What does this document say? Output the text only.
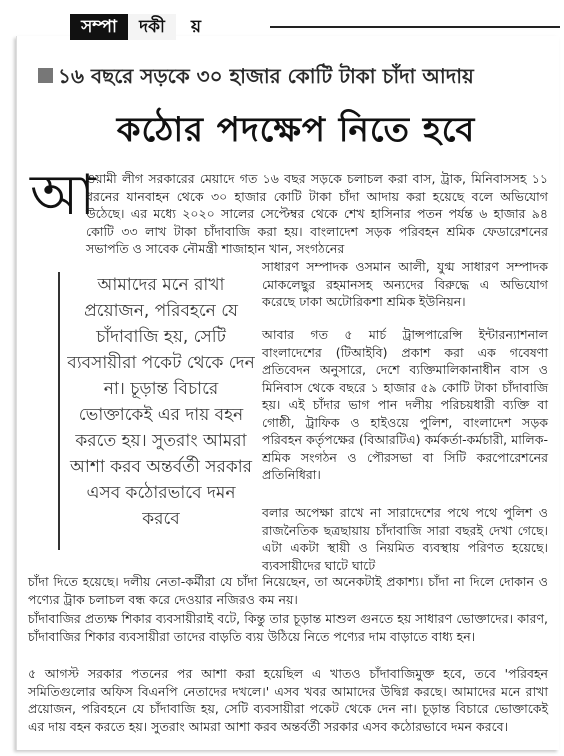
সম্পা	দকী	য়
১৬ বছরে সড়কে ৩০ হাজার কোটি টাকা চাঁদা আদায়
কঠোর পদক্ষেপ নিতে হবে
আ
ওয়ামী লীগ সরকারের মেয়াদে গত ১৬ বছর সড়কে চলাচল করা বাস, ট্রাক, মিনিবাসসহ ১১ ধরনের যানবাহন থেকে ৩০ হাজার কোটি টাকা চাঁদা আদায় করা হয়েছে বলে অভিযোগ উঠেছে। এর মধ্যে ২০২০ সালের সেপ্টেম্বর থেকে শেখ হাসিনার পতন পর্যন্ত ৬ হাজার ৯৪ কোটি ৩৩ লাখ টাকা চাঁদাবাজি করা হয়। বাংলাদেশ সড়ক পরিবহন শ্রমিক ফেডারেশনের সভাপতি ও সাবেক নৌমন্ত্রী শাজাহান খান, সংগঠনের
আমাদের মনে রাখা প্রয়োজন, পরিবহনে যে চাঁদাবাজি হয়, সেটি ব্যবসায়ীরা পকেট থেকে দেন না। চূড়ান্ত বিচারে ভোক্তাকেই এর দায় বহন করতে হয়। সুতরাং আমরা আশা করব অন্তর্বর্তী সরকার এসব কঠোরভাবে দমন করবে
সাধারণ সম্পাদক ওসমান আলী, যুগ্ম সাধারণ সম্পাদক মোকলেছুর রহমানসহ অন্যদের বিরুদ্ধে এ অভিযোগ করেছে ঢাকা অটোরিকশা শ্রমিক ইউনিয়ন।
আবার গত ৫ মার্চ ট্রান্সপারেন্সি ইন্টারন্যাশনাল বাংলাদেশের (টিআইবি) প্রকাশ করা এক গবেষণা প্রতিবেদন অনুসারে, দেশে ব্যক্তিমালিকানাধীন বাস ও মিনিবাস থেকে বছরে ১ হাজার ৫৯ কোটি টাকা চাঁদাবাজি হয়। এই চাঁদার ভাগ পান দলীয় পরিচয়ধারী ব্যক্তি বা গোষ্ঠী, ট্রাফিক ও হাইওয়ে পুলিশ, বাংলাদেশ সড়ক পরিবহন কর্তৃপক্ষের (বিআরটিএ) কর্মকর্তা-কর্মচারী, মালিক-শ্রমিক সংগঠন ও পৌরসভা বা সিটি করপোরেশনের প্রতিনিধিরা।
বলার অপেক্ষা রাখে না সারাদেশের পথে পথে পুলিশ ও রাজনৈতিক ছত্রছায়ায় চাঁদাবাজি সারা বছরই দেখা গেছে। এটা একটা স্থায়ী ও নিয়মিত ব্যবস্থায় পরিণত হয়েছে। ব্যবসায়ীদের ঘাটে ঘাটে
চাঁদা দিতে হয়েছে। দলীয় নেতা-কর্মীরা যে চাঁদা নিয়েছেন, তা অনেকটাই প্রকাশ্য। চাঁদা না দিলে দোকান ও পণ্যের ট্রাক চলাচল বন্ধ করে দেওয়ার নজিরও কম নয়।
চাঁদাবাজির প্রত্যক্ষ শিকার ব্যবসায়ীরাই বটে, কিন্তু তার চূড়ান্ত মাশুল গুনতে হয় সাধারণ ভোক্তাদের। কারণ, চাঁদাবাজির শিকার ব্যবসায়ীরা তাদের বাড়তি ব্যয় উঠিয়ে নিতে পণ্যের দাম বাড়াতে বাধ্য হন।
৫ আগস্ট সরকার পতনের পর আশা করা হয়েছিল এ খাতও চাঁদাবাজিমুক্ত হবে, তবে 'পরিবহন সমিতিগুলোর অফিস বিএনপি নেতাদের দখলে।' এসব খবর আমাদের উদ্বিগ্ন করছে। আমাদের মনে রাখা প্রয়োজন, পরিবহনে যে চাঁদাবাজি হয়, সেটি ব্যবসায়ীরা পকেট থেকে দেন না। চূড়ান্ত বিচারে ভোক্তাকেই এর দায় বহন করতে হয়। সুতরাং আমরা আশা করব অন্তর্বর্তী সরকার এসব কঠোরভাবে দমন করবে।
